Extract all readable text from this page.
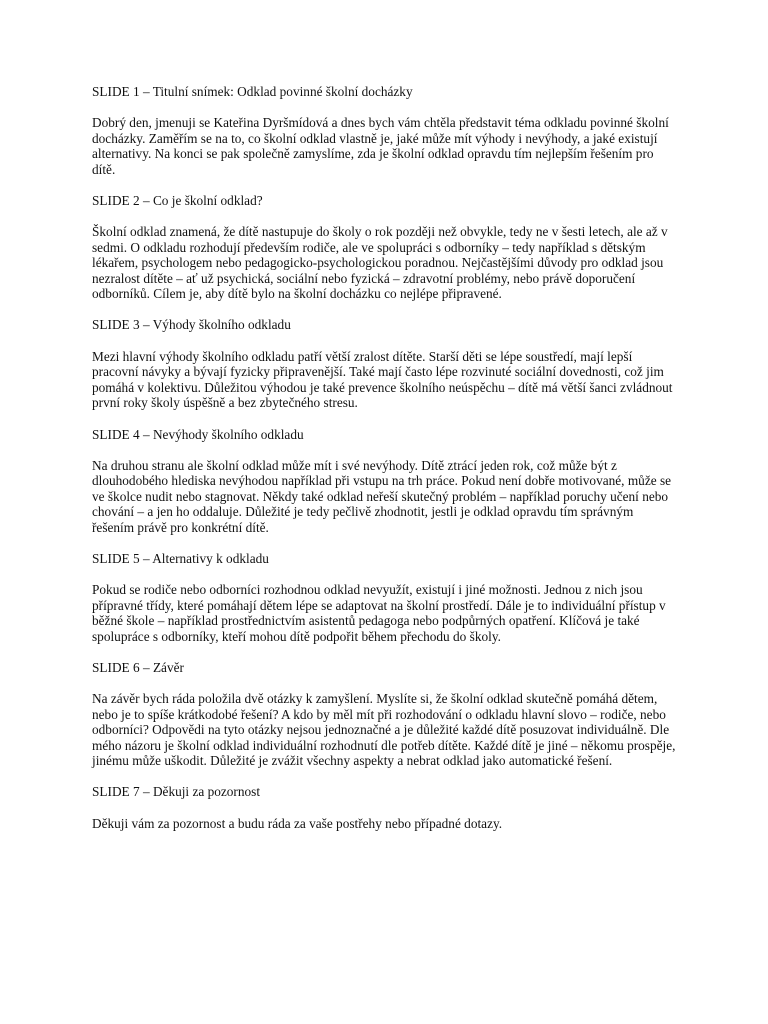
SLIDE 1 – Titulní snímek: Odklad povinné školní docházky

Dobrý den, jmenuji se Kateřina Dyršmídová a dnes bych vám chtěla představit téma odkladu povinné školní docházky. Zaměřím se na to, co školní odklad vlastně je, jaké může mít výhody i nevýhody, a jaké existují alternativy. Na konci se pak společně zamyslíme, zda je školní odklad opravdu tím nejlepším řešením pro dítě.

SLIDE 2 – Co je školní odklad?

Školní odklad znamená, že dítě nastupuje do školy o rok později než obvykle, tedy ne v šesti letech, ale až v sedmi. O odkladu rozhodují především rodiče, ale ve spolupráci s odborníky – tedy například s dětským lékařem, psychologem nebo pedagogicko-psychologickou poradnou. Nejčastějšími důvody pro odklad jsou nezralost dítěte – ať už psychická, sociální nebo fyzická – zdravotní problémy, nebo právě doporučení odborníků. Cílem je, aby dítě bylo na školní docházku co nejlépe připravené.

SLIDE 3 – Výhody školního odkladu

Mezi hlavní výhody školního odkladu patří větší zralost dítěte. Starší děti se lépe soustředí, mají lepší pracovní návyky a bývají fyzicky připravenější. Také mají často lépe rozvinuté sociální dovednosti, což jim pomáhá v kolektivu. Důležitou výhodou je také prevence školního neúspěchu – dítě má větší šanci zvládnout první roky školy úspěšně a bez zbytečného stresu.

SLIDE 4 – Nevýhody školního odkladu

Na druhou stranu ale školní odklad může mít i své nevýhody. Dítě ztrácí jeden rok, což může být z dlouhodobého hlediska nevýhodou například při vstupu na trh práce. Pokud není dobře motivované, může se ve školce nudit nebo stagnovat. Někdy také odklad neřeší skutečný problém – například poruchy učení nebo chování – a jen ho oddaluje. Důležité je tedy pečlivě zhodnotit, jestli je odklad opravdu tím správným řešením právě pro konkrétní dítě.

SLIDE 5 – Alternativy k odkladu

Pokud se rodiče nebo odborníci rozhodnou odklad nevyužít, existují i jiné možnosti. Jednou z nich jsou přípravné třídy, které pomáhají dětem lépe se adaptovat na školní prostředí. Dále je to individuální přístup v běžné škole – například prostřednictvím asistentů pedagoga nebo podpůrných opatření. Klíčová je také spolupráce s odborníky, kteří mohou dítě podpořit během přechodu do školy.

SLIDE 6 – Závěr

Na závěr bych ráda položila dvě otázky k zamyšlení. Myslíte si, že školní odklad skutečně pomáhá dětem, nebo je to spíše krátkodobé řešení? A kdo by měl mít při rozhodování o odkladu hlavní slovo – rodiče, nebo odborníci? Odpovědi na tyto otázky nejsou jednoznačné a je důležité každé dítě posuzovat individuálně. Dle mého názoru je školní odklad individuální rozhodnutí dle potřeb dítěte. Každé dítě je jiné – někomu prospěje, jinému může uškodit. Důležité je zvážit všechny aspekty a nebrat odklad jako automatické řešení.

SLIDE 7 – Děkuji za pozornost

Děkuji vám za pozornost a budu ráda za vaše postřehy nebo případné dotazy.
